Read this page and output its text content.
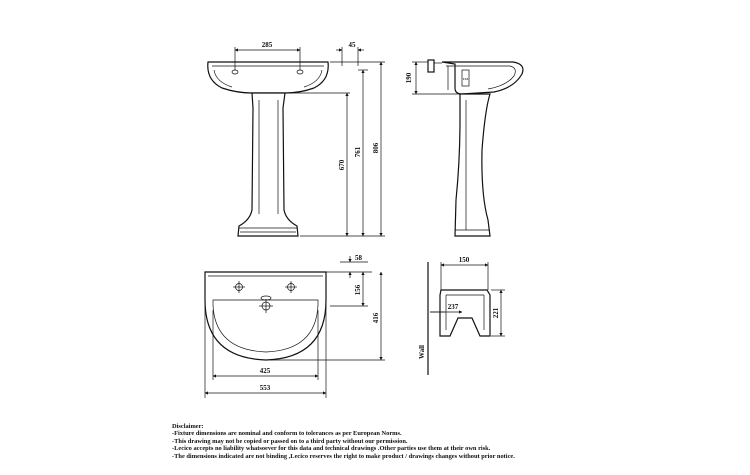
285	45
670
761 806
133
190
58
156
416
425
553
Wall
150
237
221
Disclaimer:
-Fixture dimensions are nominal and conform to tolerances as per European Norms.
-This drawing may not be copied or passed on to a third party without our permission.
-Lecico accepts no liability whatsoever for this data and technical drawings .Other parties use them at their own risk.
-The dimensions indicated are not binding ,Lecico reserves the right to make product / drawings changes without prior notice.
